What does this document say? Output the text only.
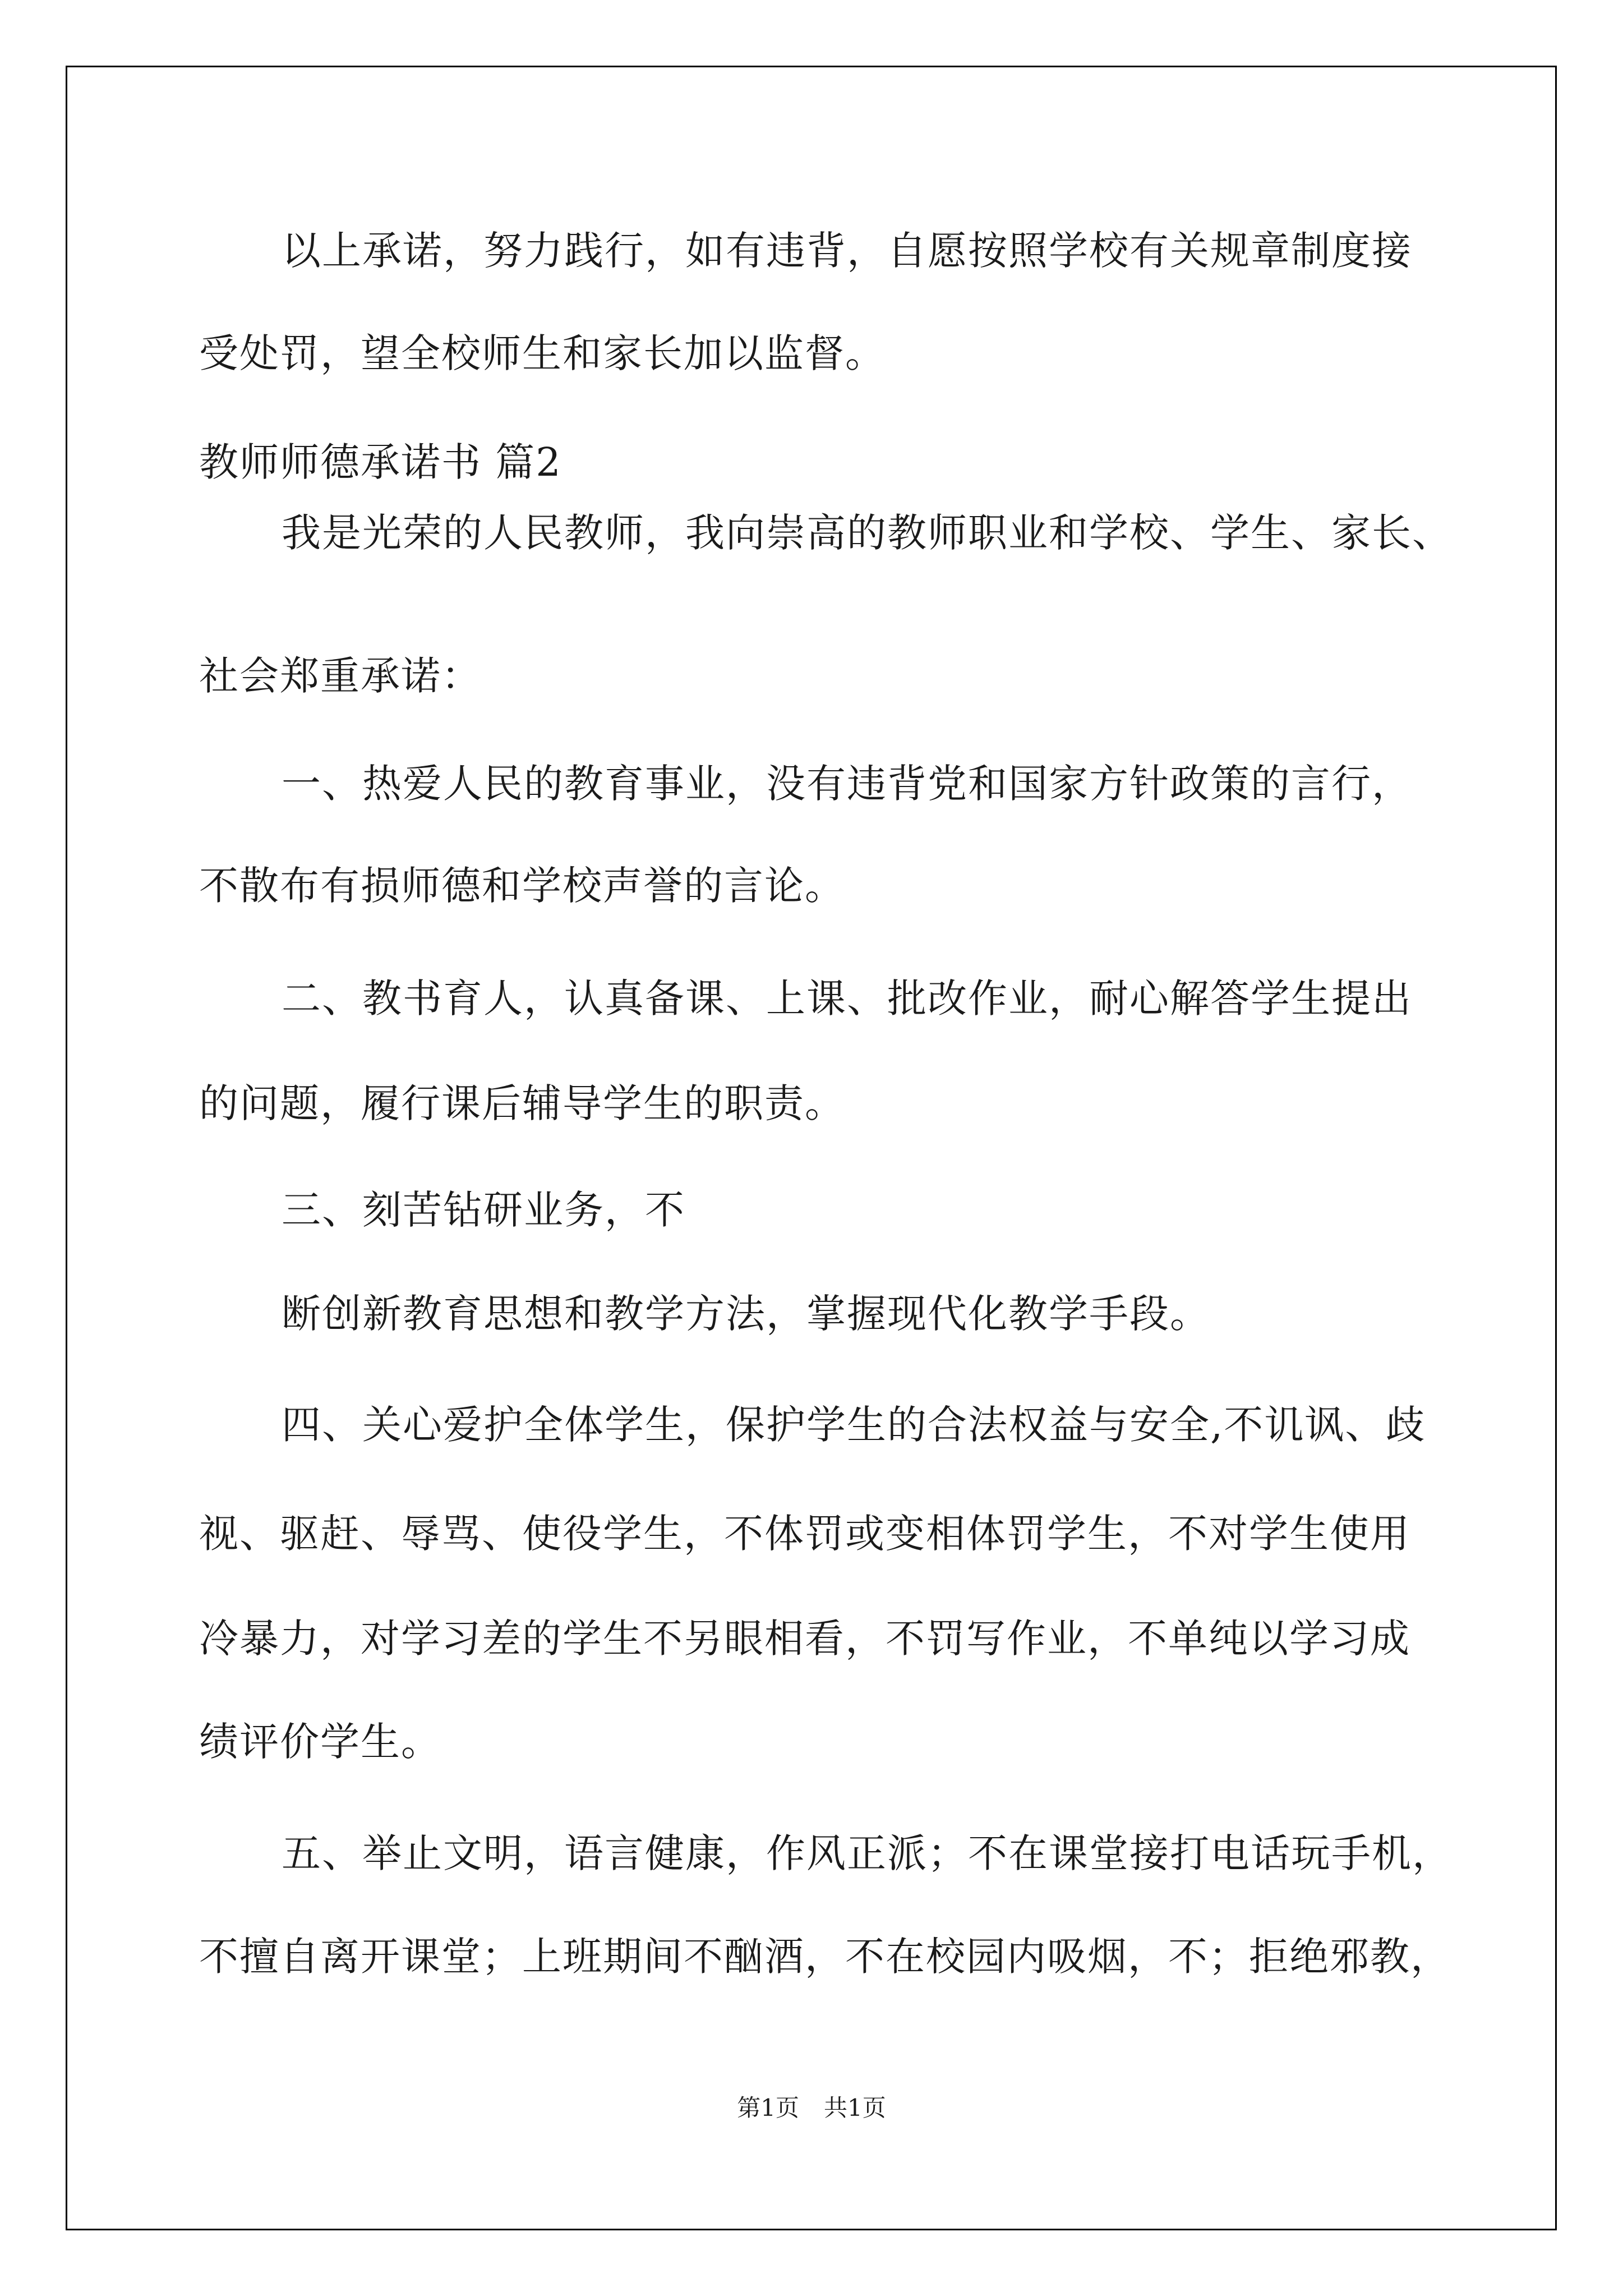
以上承诺，努力践行，如有违背，自愿按照学校有关规章制度接
受处罚，望全校师生和家长加以监督。
教师师德承诺书 篇2
我是光荣的人民教师，我向崇高的教师职业和学校、学生、家长、
社会郑重承诺：
一、热爱人民的教育事业，没有违背党和国家方针政策的言行，
不散布有损师德和学校声誉的言论。
二、教书育人，认真备课、上课、批改作业，耐心解答学生提出
的问题，履行课后辅导学生的职责。
三、刻苦钻研业务，不
断创新教育思想和教学方法，掌握现代化教学手段。
四、关心爱护全体学生，保护学生的合法权益与安全,不讥讽、歧
视、驱赶、辱骂、使役学生，不体罚或变相体罚学生，不对学生使用
冷暴力，对学习差的学生不另眼相看，不罚写作业，不单纯以学习成
绩评价学生。
五、举止文明，语言健康，作风正派；不在课堂接打电话玩手机，
不擅自离开课堂；上班期间不酗酒，不在校园内吸烟，不；拒绝邪教，
第1页 共1页
